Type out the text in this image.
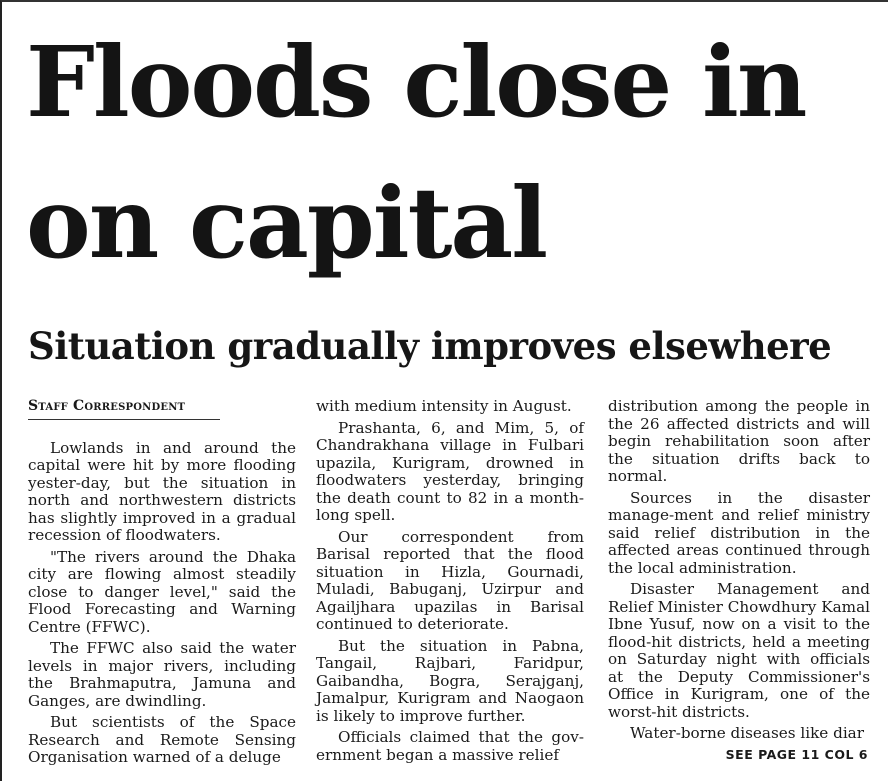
Floods close in
on capital
Situation gradually improves elsewhere
Staff Correspondent

Lowlands in and around the capital were hit by more flooding yester-day, but the situation in north and northwestern districts has slightly improved in a gradual recession of floodwaters.

"The rivers around the Dhaka city are flowing almost steadily close to danger level," said the Flood Forecasting and Warning Centre (FFWC).

The FFWC also said the water levels in major rivers, including the Brahmaputra, Jamuna and Ganges, are dwindling.

But scientists of the Space Research and Remote Sensing Organisation warned of a deluge

with medium intensity in August.

Prashanta, 6, and Mim, 5, of Chandrakhana village in Fulbari upazila, Kurigram, drowned in floodwaters yesterday, bringing the death count to 82 in a month-long spell.

Our correspondent from Barisal reported that the flood situation in Hizla, Gournadi, Muladi, Babuganj, Uzirpur and Agailjhara upazilas in Barisal continued to deteriorate.

But the situation in Pabna, Tangail, Rajbari, Faridpur, Gaibandha, Bogra, Serajganj, Jamalpur, Kurigram and Naogaon is likely to improve further.

Officials claimed that the gov-ernment began a massive relief

distribution among the people in the 26 affected districts and will begin rehabilitation soon after the situation drifts back to normal.

Sources in the disaster manage-ment and relief ministry said relief distribution in the affected areas continued through the local administration.

Disaster Management and Relief Minister Chowdhury Kamal Ibne Yusuf, now on a visit to the flood-hit districts, held a meeting on Saturday night with officials at the Deputy Commissioner's Office in Kurigram, one of the worst-hit districts.

Water-borne diseases like diar

SEE PAGE 11 COL 6
